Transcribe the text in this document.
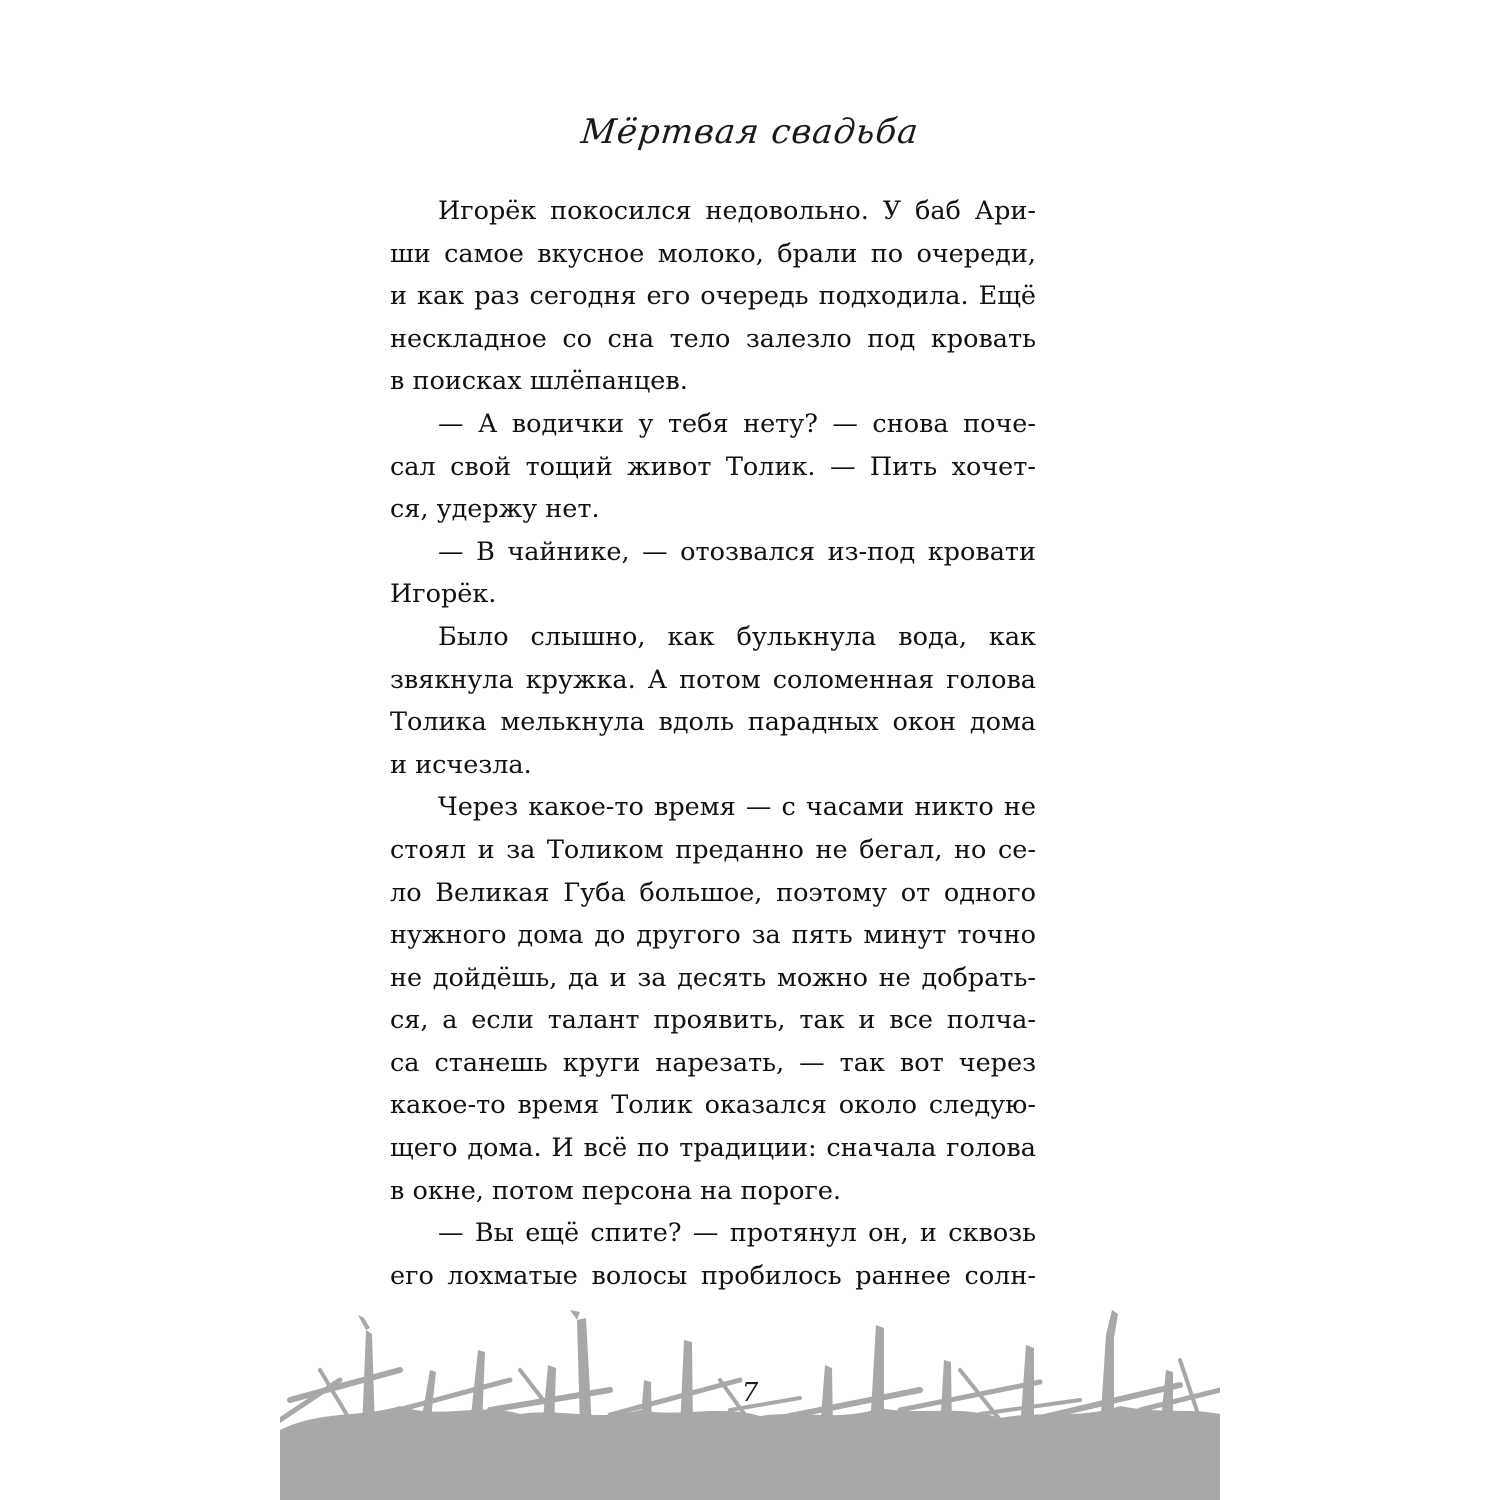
Мёртвая свадьба
Игорёк покосился недовольно. У баб Ари-
ши самое вкусное молоко, брали по очереди,
и как раз сегодня его очередь подходила. Ещё
нескладное со сна тело залезло под кровать
в поисках шлёпанцев.
— А водички у тебя нету? — снова поче-
сал свой тощий живот Толик. — Пить хочет-
ся, удержу нет.
— В чайнике, — отозвался из-под кровати
Игорёк.
Было слышно, как булькнула вода, как
звякнула кружка. А потом соломенная голова
Толика мелькнула вдоль парадных окон дома
и исчезла.
Через какое-то время — с часами никто не
стоял и за Толиком преданно не бегал, но се-
ло Великая Губа большое, поэтому от одного
нужного дома до другого за пять минут точно
не дойдёшь, да и за десять можно не добрать-
ся, а если талант проявить, так и все полча-
са станешь круги нарезать, — так вот через
какое-то время Толик оказался около следую-
щего дома. И всё по традиции: сначала голова
в окне, потом персона на пороге.
— Вы ещё спите? — протянул он, и сквозь
его лохматые волосы пробилось раннее солн-
7
